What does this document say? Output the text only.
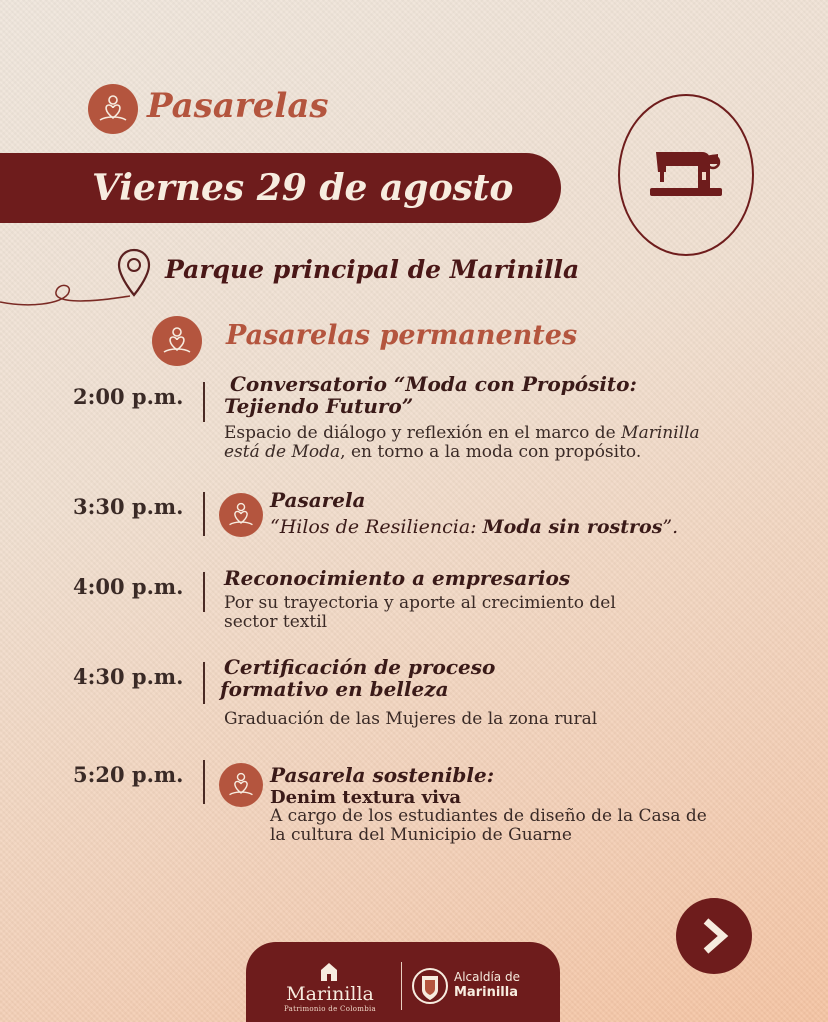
Pasarelas
Viernes 29 de agosto
Parque principal de Marinilla
Pasarelas permanentes
2:00 p.m.	Conversatorio “Moda con Propósito:
Tejiendo Futuro”
Espacio de diálogo y reflexión en el marco de Marinilla
está de Moda, en torno a la moda con propósito.
3:30 p.m.	Pasarela
“Hilos de Resiliencia: Moda sin rostros”.
4:00 p.m.	Reconocimiento a empresarios
Por su trayectoria y aporte al crecimiento del
sector textil
4:30 p.m.	Certificación de proceso
formativo en belleza
Graduación de las Mujeres de la zona rural
5:20 p.m.	Pasarela sostenible:
Denim textura viva
A cargo de los estudiantes de diseño de la Casa de
la cultura del Municipio de Guarne
Marinilla
Patrimonio de Colombia
Alcaldía de
Marinilla
